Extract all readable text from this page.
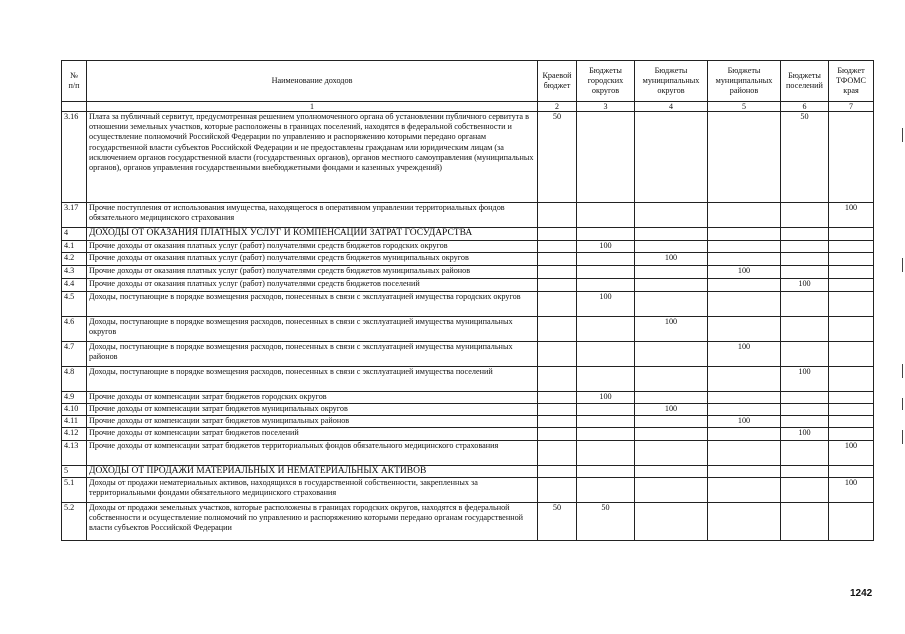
№
п/п	Наименование доходов	Краевой
бюджет	Бюджеты
городских
округов	Бюджеты
муниципальных
округов	Бюджеты
муниципальных
районов	Бюджеты
поселений	Бюджет
ТФОМС
края
	1	2	3	4	5	6	7
3.16	Плата за публичный сервитут, предусмотренная решением уполномоченного органа об установлении публичного сервитута в отношении земельных участков, которые расположены в границах поселений, находятся в федеральной собственности и осуществление полномочий Российской Федерации по управлению и распоряжению которыми передано органам государственной власти субъектов Российской Федерации и не предоставлены гражданам или юридическим лицам (за исключением органов государственной власти (государственных органов), органов местного самоуправления (муниципальных органов), органов управления государственными внебюджетными фондами и казенных учреждений)	50				50	
3.17	Прочие поступления от использования имущества, находящегося в оперативном управлении территориальных фондов обязательного медицинского страхования						100
4	ДОХОДЫ ОТ ОКАЗАНИЯ ПЛАТНЫХ УСЛУГ И КОМПЕНСАЦИИ ЗАТРАТ ГОСУДАРСТВА						
4.1	Прочие доходы от оказания платных услуг (работ) получателями средств бюджетов городских округов		100				
4.2	Прочие доходы от оказания платных услуг (работ) получателями средств бюджетов муниципальных округов			100			
4.3	Прочие доходы от оказания платных услуг (работ) получателями средств бюджетов муниципальных районов				100		
4.4	Прочие доходы от оказания платных услуг (работ) получателями средств бюджетов поселений					100	
4.5	Доходы, поступающие в порядке возмещения расходов, понесенных в связи с эксплуатацией имущества городских округов		100				
4.6	Доходы, поступающие в порядке возмещения расходов, понесенных в связи с эксплуатацией имущества муниципальных округов			100			
4.7	Доходы, поступающие в порядке возмещения расходов, понесенных в связи с эксплуатацией имущества муниципальных районов				100		
4.8	Доходы, поступающие в порядке возмещения расходов, понесенных в связи с эксплуатацией имущества поселений					100	
4.9	Прочие доходы от компенсации затрат бюджетов городских округов		100				
4.10	Прочие доходы от компенсации затрат бюджетов муниципальных округов			100			
4.11	Прочие доходы от компенсации затрат бюджетов муниципальных районов				100		
4.12	Прочие доходы от компенсации затрат бюджетов поселений					100	
4.13	Прочие доходы от компенсации затрат бюджетов территориальных фондов обязательного медицинского страхования						100
5	ДОХОДЫ ОТ ПРОДАЖИ МАТЕРИАЛЬНЫХ И НЕМАТЕРИАЛЬНЫХ АКТИВОВ						
5.1	Доходы от продажи нематериальных активов, находящихся в государственной собственности, закрепленных за территориальными фондами обязательного медицинского страхования						100
5.2	Доходы от продажи земельных участков, которые расположены в границах городских округов, находятся в федеральной собственности и осуществление полномочий по управлению и распоряжению которыми передано органам государственной власти субъектов Российской Федерации	50	50				
1242
